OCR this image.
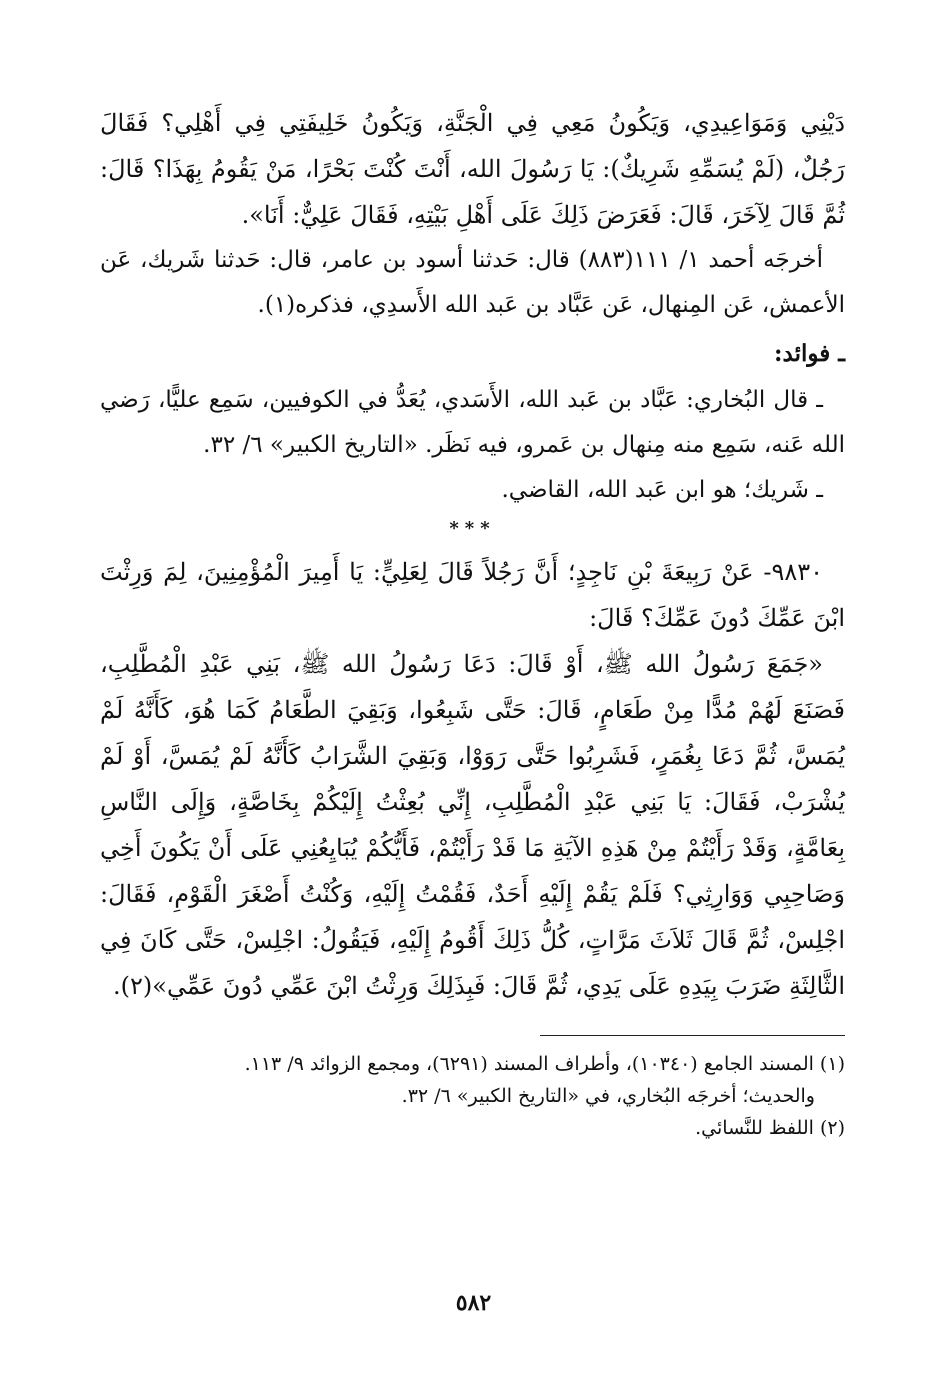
دَيْنِي وَمَوَاعِيدِي، وَيَكُونُ مَعِي فِي الْجَنَّةِ، وَيَكُونُ خَلِيفَتِي فِي أَهْلِي؟ فَقَالَ رَجُلٌ، (لَمْ يُسَمِّهِ شَرِيكٌ): يَا رَسُولَ الله، أَنْتَ كُنْتَ بَحْرًا، مَنْ يَقُومُ بِهَذَا؟ قَالَ: ثُمَّ قَالَ لِآخَرَ، قَالَ: فَعَرَضَ ذَلِكَ عَلَى أَهْلِ بَيْتِهِ، فَقَالَ عَلِيٌّ: أَنَا».

أخرجَه أحمد ١/ ١١١(٨٨٣) قال: حَدثنا أسود بن عامر، قال: حَدثنا شَريك، عَن الأعمش، عَن المِنهال، عَن عَبَّاد بن عَبد الله الأَسدِي، فذكره(١).

ـ فوائد:

ـ قال البُخاري: عَبَّاد بن عَبد الله، الأَسَدي، يُعَدُّ في الكوفيين، سَمِع عليًّا، رَضي الله عَنه، سَمِع منه مِنهال بن عَمرو، فيه نَظَر. «التاريخ الكبير» ٦/ ٣٢.

ـ شَريك؛ هو ابن عَبد الله، القاضي.

***

٩٨٣٠- عَنْ رَبِيعَةَ بْنِ نَاجِدٍ؛ أَنَّ رَجُلاً قَالَ لِعَلِيٍّ: يَا أَمِيرَ الْمُؤْمِنِينَ، لِمَ وَرِثْتَ ابْنَ عَمِّكَ دُونَ عَمِّكَ؟ قَالَ:

«جَمَعَ رَسُولُ الله ﷺ، أَوْ قَالَ: دَعَا رَسُولُ الله ﷺ، بَنِي عَبْدِ الْمُطَّلِبِ، فَصَنَعَ لَهُمْ مُدًّا مِنْ طَعَامٍ، قَالَ: حَتَّى شَبِعُوا، وَبَقِيَ الطَّعَامُ كَمَا هُوَ، كَأَنَّهُ لَمْ يُمَسَّ، ثُمَّ دَعَا بِغُمَرٍ، فَشَرِبُوا حَتَّى رَوَوْا، وَبَقِيَ الشَّرَابُ كَأَنَّهُ لَمْ يُمَسَّ، أَوْ لَمْ يُشْرَبْ، فَقَالَ: يَا بَنِي عَبْدِ الْمُطَّلِبِ، إِنِّي بُعِثْتُ إِلَيْكُمْ بِخَاصَّةٍ، وَإِلَى النَّاسِ بِعَامَّةٍ، وَقَدْ رَأَيْتُمْ مِنْ هَذِهِ الآيَةِ مَا قَدْ رَأَيْتُمْ، فَأَيُّكُمْ يُبَايِعُنِي عَلَى أَنْ يَكُونَ أَخِي وَصَاحِبِي وَوَارِثِي؟ فَلَمْ يَقُمْ إِلَيْهِ أَحَدٌ، فَقُمْتُ إِلَيْهِ، وَكُنْتُ أَصْغَرَ الْقَوْمِ، فَقَالَ: اجْلِسْ، ثُمَّ قَالَ ثَلاَثَ مَرَّاتٍ، كُلُّ ذَلِكَ أَقُومُ إِلَيْهِ، فَيَقُولُ: اجْلِسْ، حَتَّى كَانَ فِي الثَّالِثَةِ ضَرَبَ بِيَدِهِ عَلَى يَدِي، ثُمَّ قَالَ: فَبِذَلِكَ وَرِثْتُ ابْنَ عَمِّي دُونَ عَمِّي»(٢).

(١) المسند الجامع (١٠٣٤٠)، وأطراف المسند (٦٢٩١)، ومجمع الزوائد ٩/ ١١٣.

والحديث؛ أخرجَه البُخاري، في «التاريخ الكبير» ٦/ ٣٢.

(٢) اللفظ للنَّسائي.

٥٨٢
